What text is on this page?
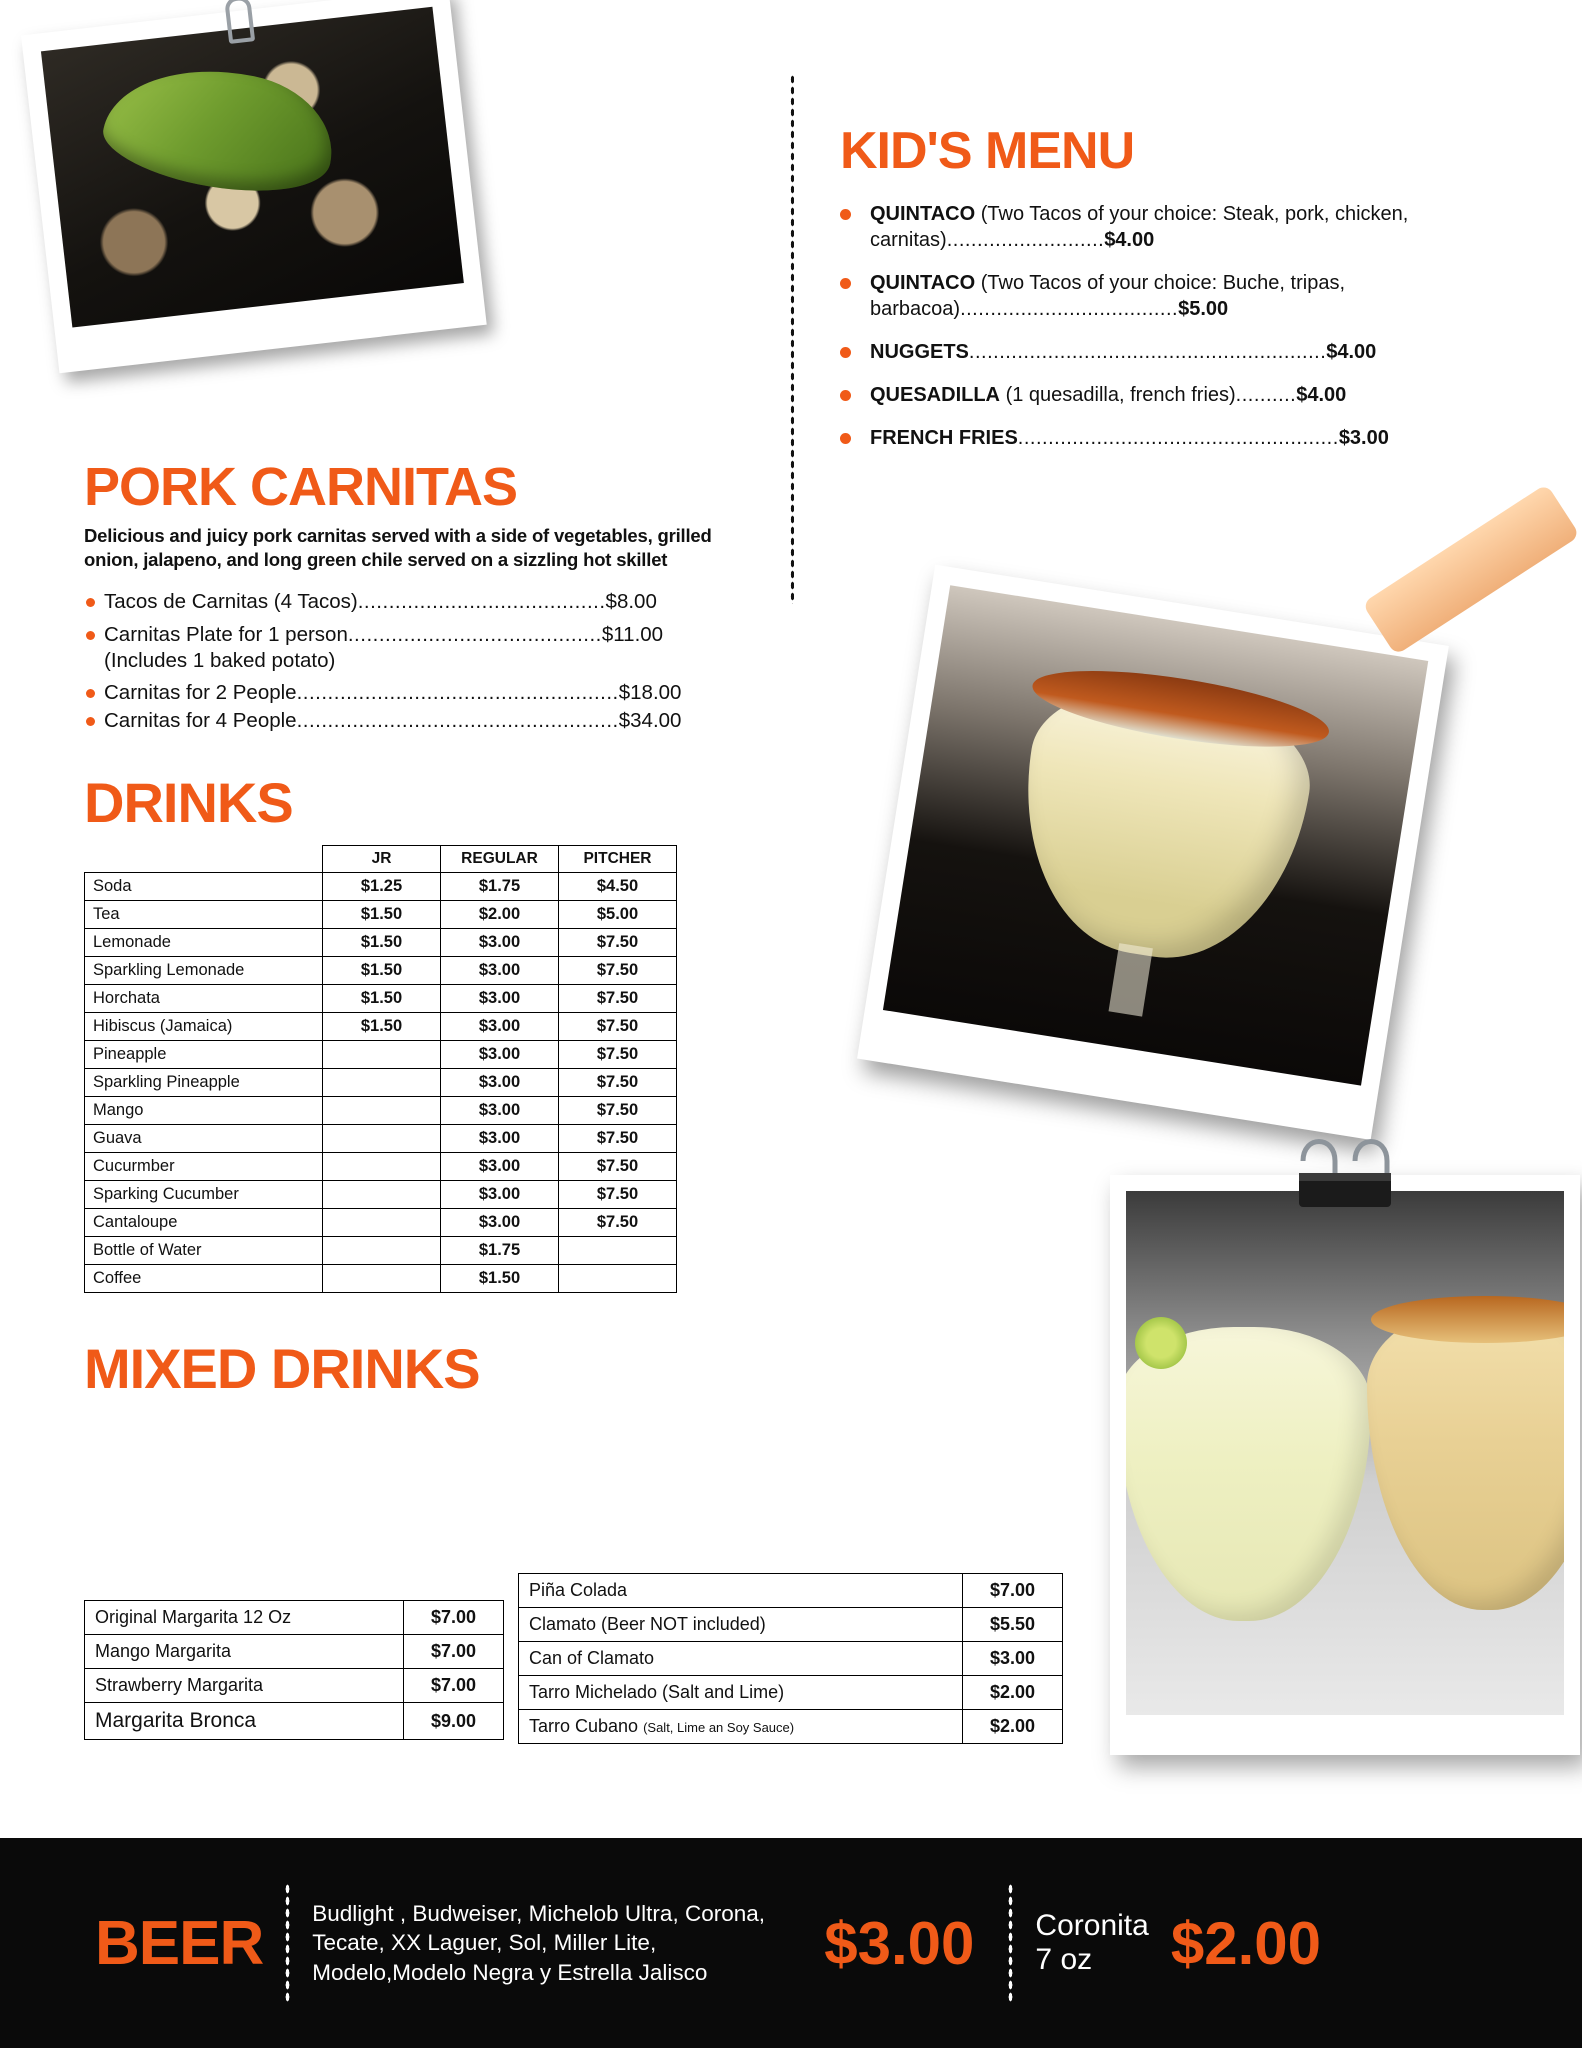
PORK CARNITAS

Delicious and juicy pork carnitas served with a side of vegetables, grilled onion, jalapeno, and long green chile served on a sizzling hot skillet

Tacos de Carnitas (4 Tacos)........................................$8.00
Carnitas Plate for 1 person.........................................$11.00
(Includes 1 baked potato)
Carnitas for 2 People....................................................$18.00
Carnitas for 4 People....................................................$34.00
DRINKS
	JR	REGULAR	PITCHER
Soda	$1.25	$1.75	$4.50
Tea	$1.50	$2.00	$5.00
Lemonade	$1.50	$3.00	$7.50
Sparkling Lemonade	$1.50	$3.00	$7.50
Horchata	$1.50	$3.00	$7.50
Hibiscus (Jamaica)	$1.50	$3.00	$7.50
Pineapple		$3.00	$7.50
Sparkling Pineapple		$3.00	$7.50
Mango		$3.00	$7.50
Guava		$3.00	$7.50
Cucurmber		$3.00	$7.50
Sparking Cucumber		$3.00	$7.50
Cantaloupe		$3.00	$7.50
Bottle of Water		$1.75	
Coffee		$1.50	
MIXED DRINKS
Original Margarita 12 Oz	$7.00
Mango Margarita	$7.00
Strawberry Margarita	$7.00
Margarita Bronca	$9.00
Piña Colada	$7.00
Clamato (Beer NOT included)	$5.50
Can of Clamato	$3.00
Tarro Michelado (Salt and Lime)	$2.00
Tarro Cubano (Salt, Lime an Soy Sauce)	$2.00
KID'S MENU
QUINTACO (Two Tacos of your choice: Steak, pork, chicken, carnitas)..........................$4.00
QUINTACO (Two Tacos of your choice: Buche, tripas, barbacoa)....................................$5.00
NUGGETS...........................................................$4.00
QUESADILLA (1 quesadilla, french fries)..........$4.00
FRENCH FRIES.....................................................$3.00
BEER Budlight , Budweiser, Michelob Ultra, Corona, Tecate, XX Laguer, Sol, Miller Lite, Modelo,Modelo Negra y Estrella Jalisco	$3.00 Coronita
7 oz	$2.00
